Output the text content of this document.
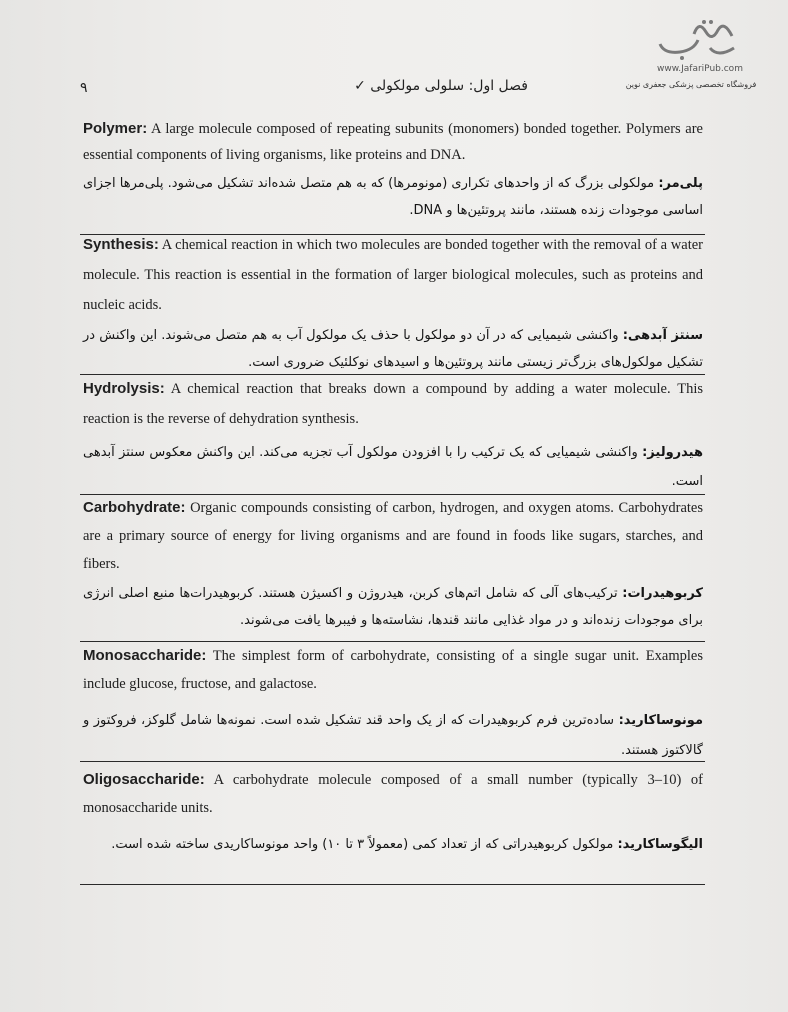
www.JafariPub.com
فروشگاه تخصصی پزشکی جعفری نوین
فصل اول: سلولی مولکولی ✓
۹
Polymer: A large molecule composed of repeating subunits (monomers) bonded together. Polymers are essential components of living organisms, like proteins and DNA.
پلی‌مر: مولکولی بزرگ که از واحدهای تکراری (مونومرها) که به هم متصل شده‌اند تشکیل می‌شود. پلی‌مرها اجزای اساسی موجودات زنده هستند، مانند پروتئین‌ها و DNA.
Synthesis: A chemical reaction in which two molecules are bonded together with the removal of a water molecule. This reaction is essential in the formation of larger biological molecules, such as proteins and nucleic acids.
سنتز آبدهی: واکنشی شیمیایی که در آن دو مولکول با حذف یک مولکول آب به هم متصل می‌شوند. این واکنش در تشکیل مولکول‌های بزرگ‌تر زیستی مانند پروتئین‌ها و اسیدهای نوکلئیک ضروری است.
Hydrolysis: A chemical reaction that breaks down a compound by adding a water molecule. This reaction is the reverse of dehydration synthesis.
هیدرولیز: واکنشی شیمیایی که یک ترکیب را با افزودن مولکول آب تجزیه می‌کند. این واکنش معکوس سنتز آبدهی است.
Carbohydrate: Organic compounds consisting of carbon, hydrogen, and oxygen atoms. Carbohydrates are a primary source of energy for living organisms and are found in foods like sugars, starches, and fibers.
کربوهیدرات: ترکیب‌های آلی که شامل اتم‌های کربن، هیدروژن و اکسیژن هستند. کربوهیدرات‌ها منبع اصلی انرژی برای موجودات زنده‌اند و در مواد غذایی مانند قندها، نشاسته‌ها و فیبرها یافت می‌شوند.
Monosaccharide: The simplest form of carbohydrate, consisting of a single sugar unit. Examples include glucose, fructose, and galactose.
مونوساکارید: ساده‌ترین فرم کربوهیدرات که از یک واحد قند تشکیل شده است. نمونه‌ها شامل گلوکز، فروکتوز و گالاکتوز هستند.
Oligosaccharide: A carbohydrate molecule composed of a small number (typically 3–10) of monosaccharide units.
الیگوساکارید: مولکول کربوهیدراتی که از تعداد کمی (معمولاً ۳ تا ۱۰) واحد مونوساکاریدی ساخته شده است.
